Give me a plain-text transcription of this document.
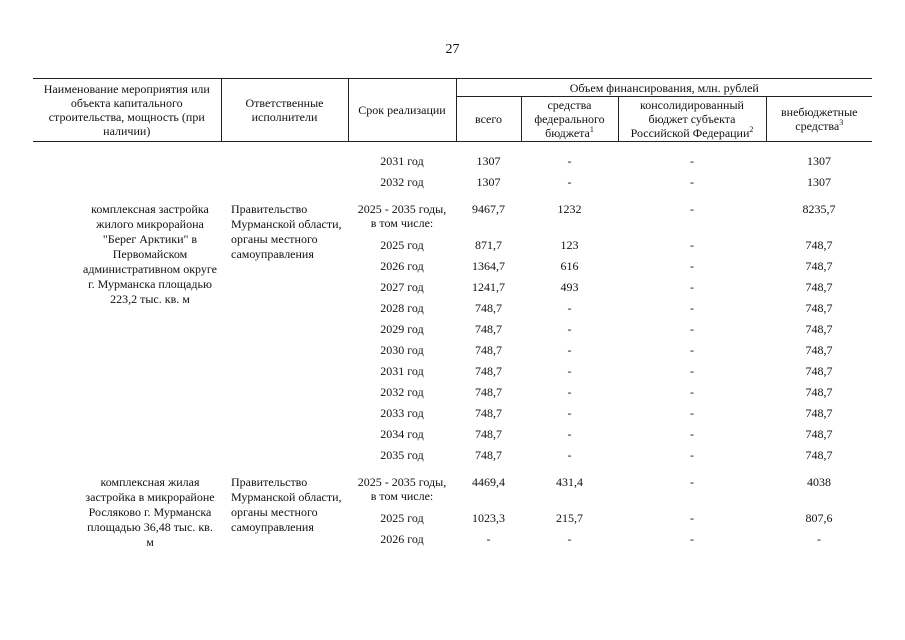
27
Наименование мероприятия или объекта капитального строительства, мощность (при наличии)	Ответственные исполнители	Срок реализации	Объем финансирования, млн. рублей			
			всего	средства федерального бюджета$^1$	консолидированный бюджет субъекта Российской Федерации$^2$	внебюджетные средства$^3$

		2031 год	1307	-	-	1307
		2032 год	1307	-	-	1307

комплексная застройка жилого микрорайона "Берег Арктики" в Первомайском административном округе г. Мурманска площадью 223,2 тыс. кв. м	Правительство Мурманской области, органы местного самоуправления	2025 - 2035 годы,
в том числе:	9467,7	1232	-	8235,7
		2025 год	871,7	123	-	748,7
		2026 год	1364,7	616	-	748,7
		2027 год	1241,7	493	-	748,7
		2028 год	748,7	-	-	748,7
		2029 год	748,7	-	-	748,7
		2030 год	748,7	-	-	748,7
		2031 год	748,7	-	-	748,7
		2032 год	748,7	-	-	748,7
		2033 год	748,7	-	-	748,7
		2034 год	748,7	-	-	748,7
		2035 год	748,7	-	-	748,7

комплексная жилая застройка в микрорайоне Росляково г. Мурманска площадью 36,48 тыс. кв. м	Правительство Мурманской области, органы местного самоуправления	2025 - 2035 годы,
в том числе:	4469,4	431,4	-	4038
		2025 год	1023,3	215,7	-	807,6
		2026 год	-	-	-	-
